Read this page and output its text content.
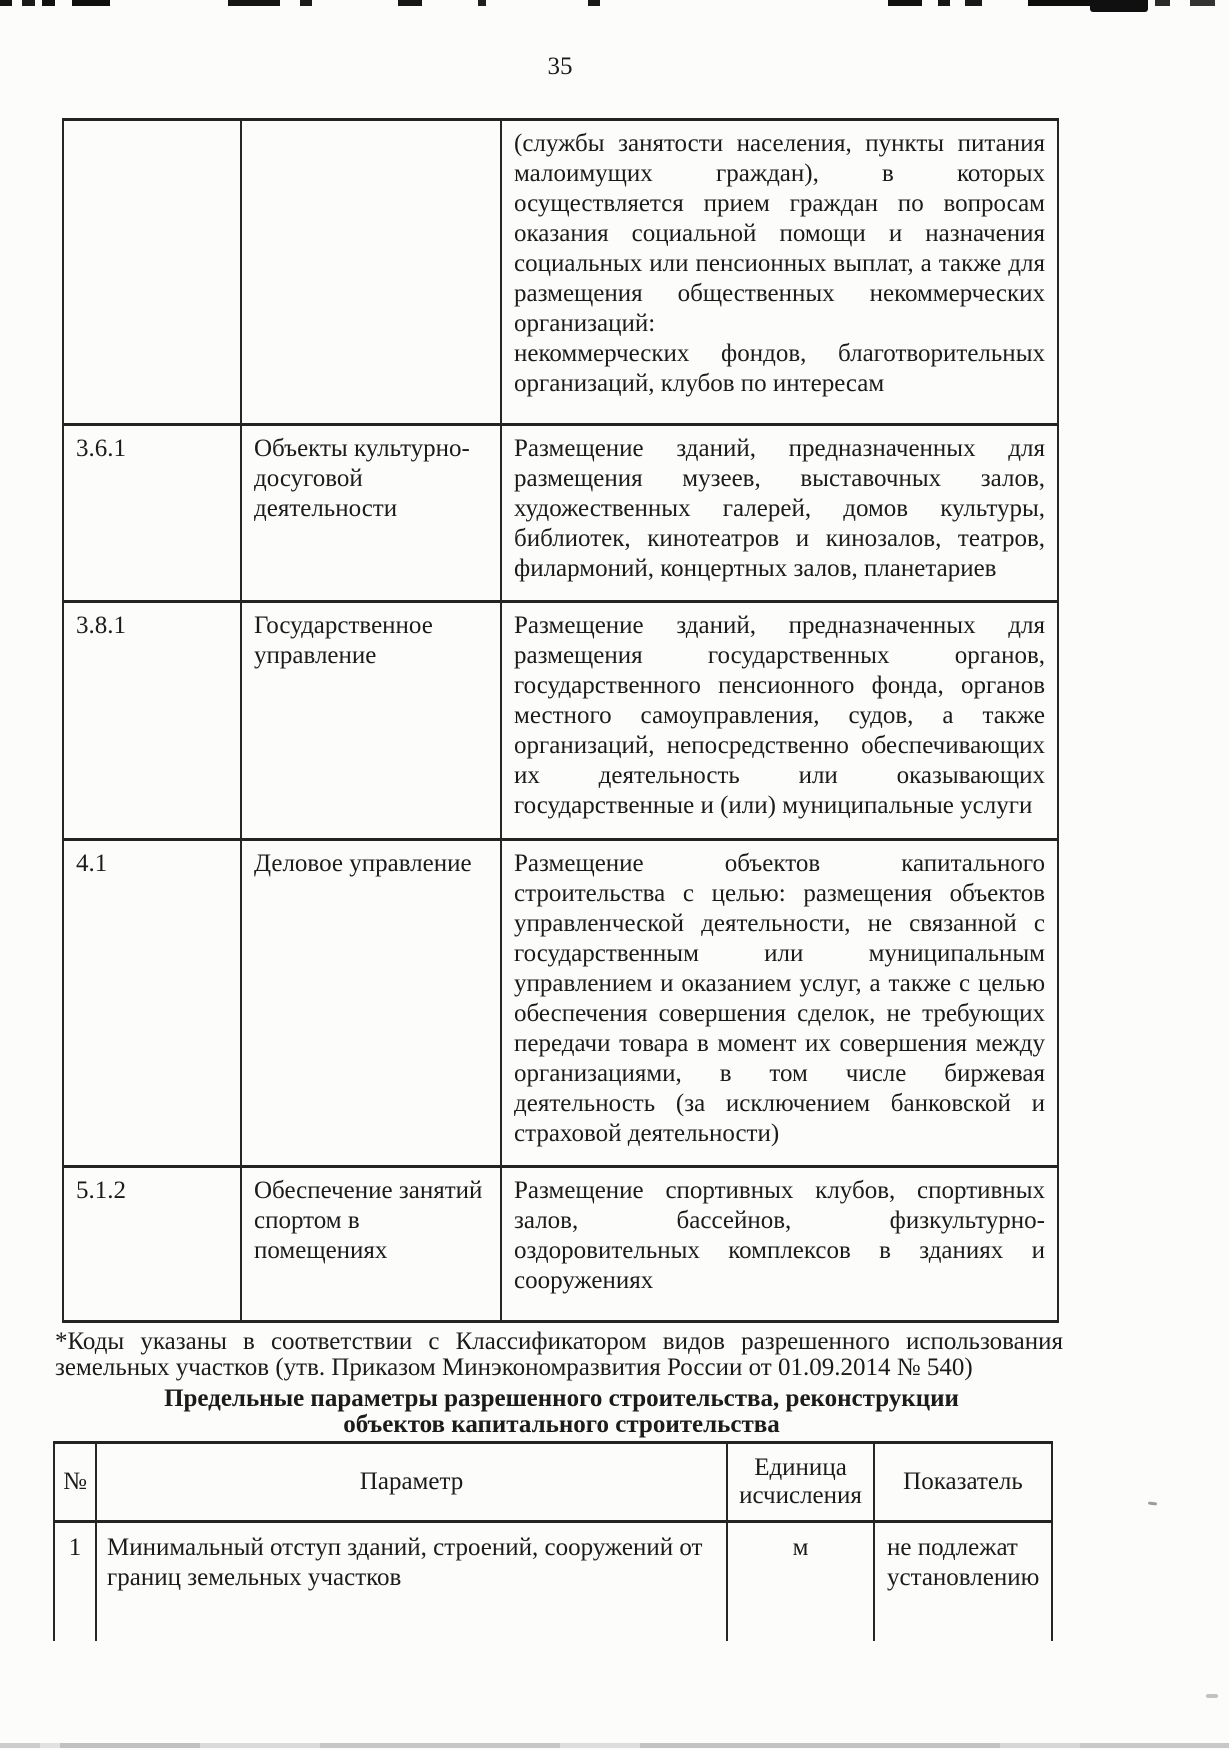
35

		(службы занятости населения, пункты питания малоимущих граждан), в которых осуществляется прием граждан по вопросам оказания социальной помощи и назначения социальных или пенсионных выплат, а также для размещения общественных некоммерческих организаций:

некоммерческих фондов, благотворительных организаций, клубов по интересам

3.6.1	Объекты культурно-досуговой деятельности	Размещение зданий, предназначенных для размещения музеев, выставочных залов, художественных галерей, домов культуры, библиотек, кинотеатров и кинозалов, театров, филармоний, концертных залов, планетариев
3.8.1	Государственное управление	Размещение зданий, предназначенных для размещения государственных органов, государственного пенсионного фонда, органов местного самоуправления, судов, а также организаций, непосредственно обеспечивающих их деятельность или оказывающих государственные и (или) муниципальные услуги
4.1	Деловое управление	Размещение объектов капитального строительства с целью: размещения объектов управленческой деятельности, не связанной с государственным или муниципальным управлением и оказанием услуг, а также с целью обеспечения совершения сделок, не требующих передачи товара в момент их совершения между организациями, в том числе биржевая деятельность (за исключением банковской и страховой деятельности)
5.1.2	Обеспечение занятий спортом в помещениях	Размещение спортивных клубов, спортивных залов, бассейнов, физкультурно-оздоровительных комплексов в зданиях и сооружениях
*Коды указаны в соответствии с Классификатором видов разрешенного использования земельных участков (утв. Приказом Минэкономразвития России от 01.09.2014 № 540)
Предельные параметры разрешенного строительства, реконструкции объектов капитального строительства
№	Параметр	Единица исчисления	Показатель
1	Минимальный отступ зданий, строений, сооружений от границ земельных участков	м	не подлежат установлению
